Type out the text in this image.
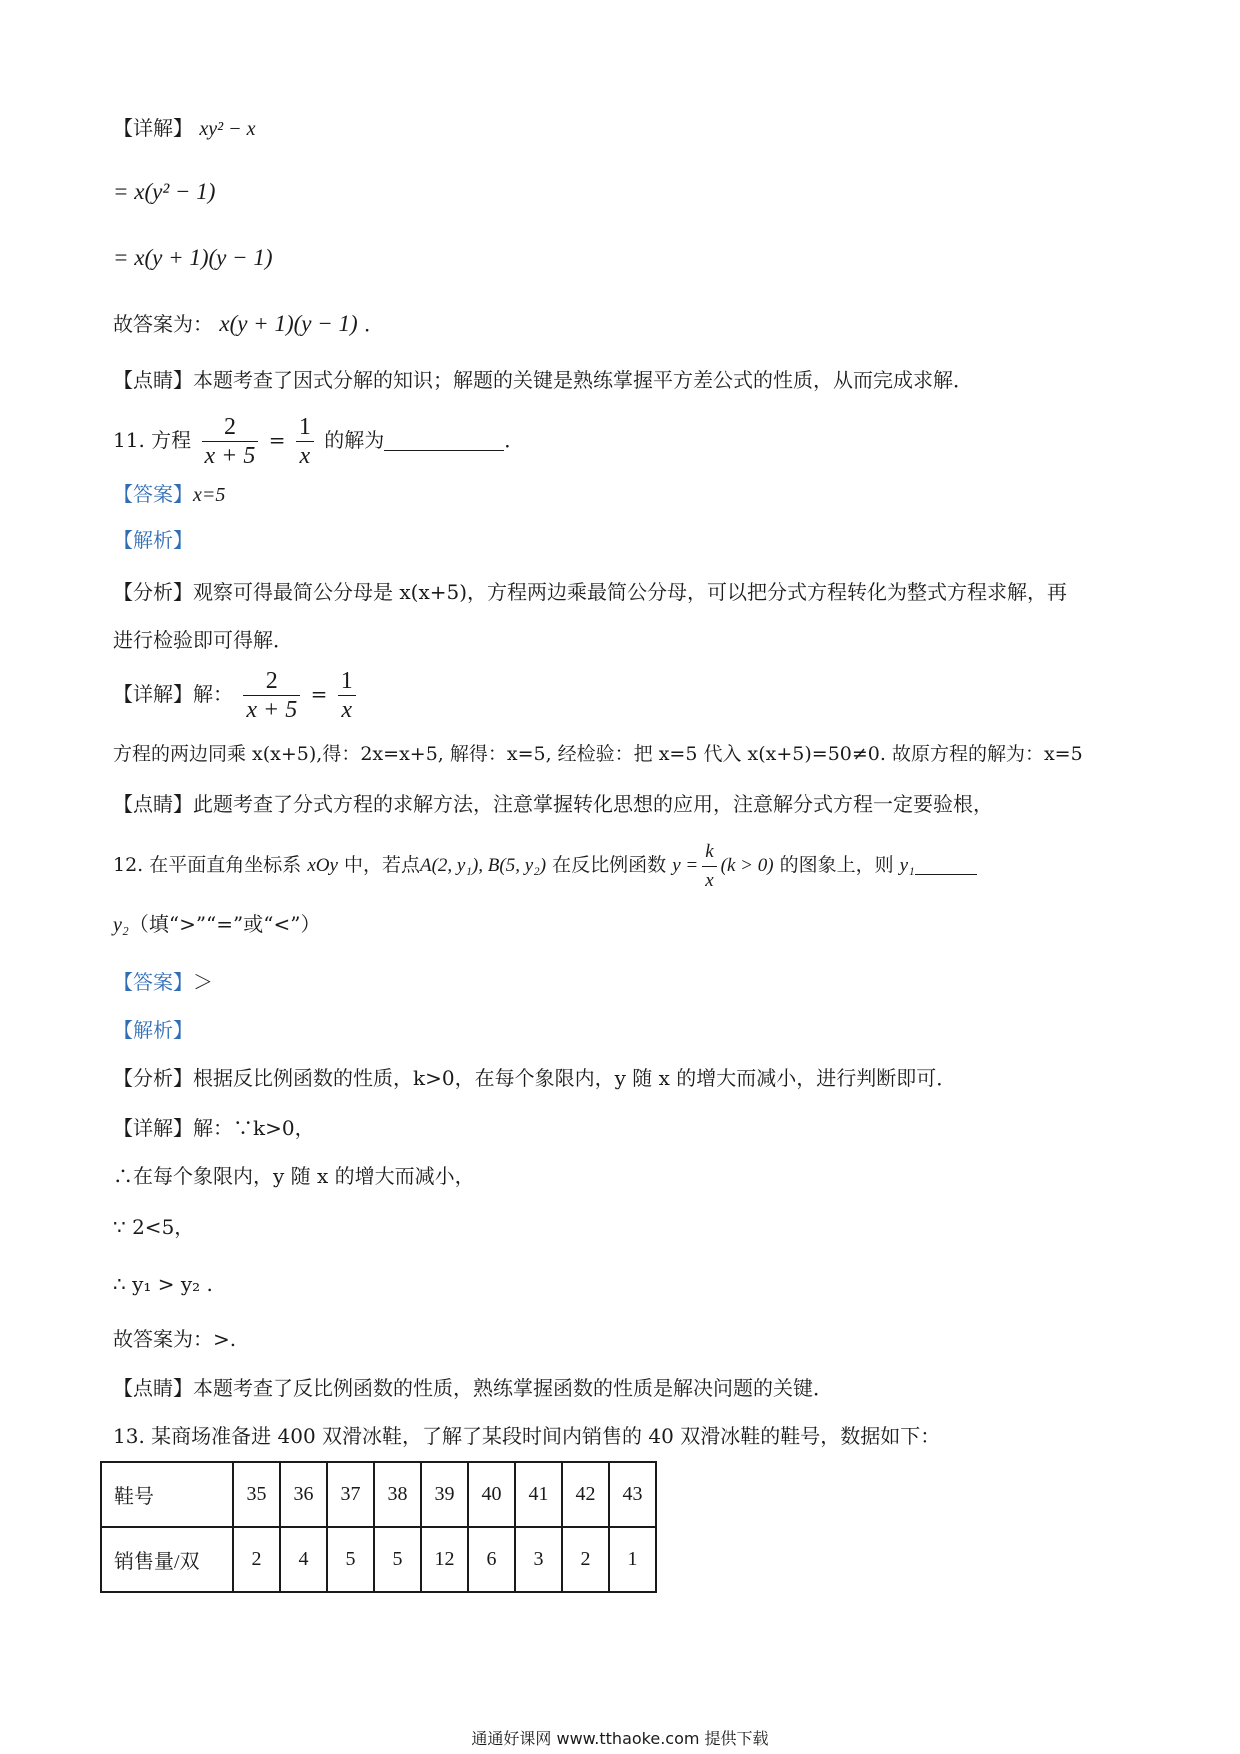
【详解】 xy² − x
= x(y² − 1)
= x(y + 1)(y − 1)
故答案为： x(y + 1)(y − 1) ．
【点睛】本题考查了因式分解的知识；解题的关键是熟练掌握平方差公式的性质，从而完成求解．
11. 方程 $\frac{2}{x + 5} = \frac{1}{x}$ 的解为	．
【答案】x=5
【解析】
【分析】观察可得最简公分母是 x(x+5)，方程两边乘最简公分母，可以把分式方程转化为整式方程求解，再
进行检验即可得解．
【详解】解： $\frac{2}{x + 5} = \frac{1}{x}$
方程的两边同乘 x(x+5),得：2x=x+5, 解得：x=5, 经检验：把 x=5 代入 x(x+5)=50≠0. 故原方程的解为：x=5
【点睛】此题考查了分式方程的求解方法，注意掌握转化思想的应用，注意解分式方程一定要验根，
12. 在平面直角坐标系 xOy 中，若点A(2, y₁), B(5, y₂) 在反比例函数 $y = \frac{k}{x} (k > 0)$ 的图象上，则 y₁
y₂（填“>”“=”或“<”）
【答案】＞
【解析】
【分析】根据反比例函数的性质，k>0，在每个象限内，y 随 x 的增大而减小，进行判断即可．
【详解】解：∵k>0，
∴在每个象限内，y 随 x 的增大而减小，
∵ 2<5，
∴ y₁ > y₂ .
故答案为：>.
【点睛】本题考查了反比例函数的性质，熟练掌握函数的性质是解决问题的关键．
13. 某商场准备进 400 双滑冰鞋，了解了某段时间内销售的 40 双滑冰鞋的鞋号，数据如下：
鞋号	35	36	37	38	39	40	41	42	43
销售量/双	2	4	5	5	12	6	3	2	1
通通好课网 www.tthaoke.com 提供下载
